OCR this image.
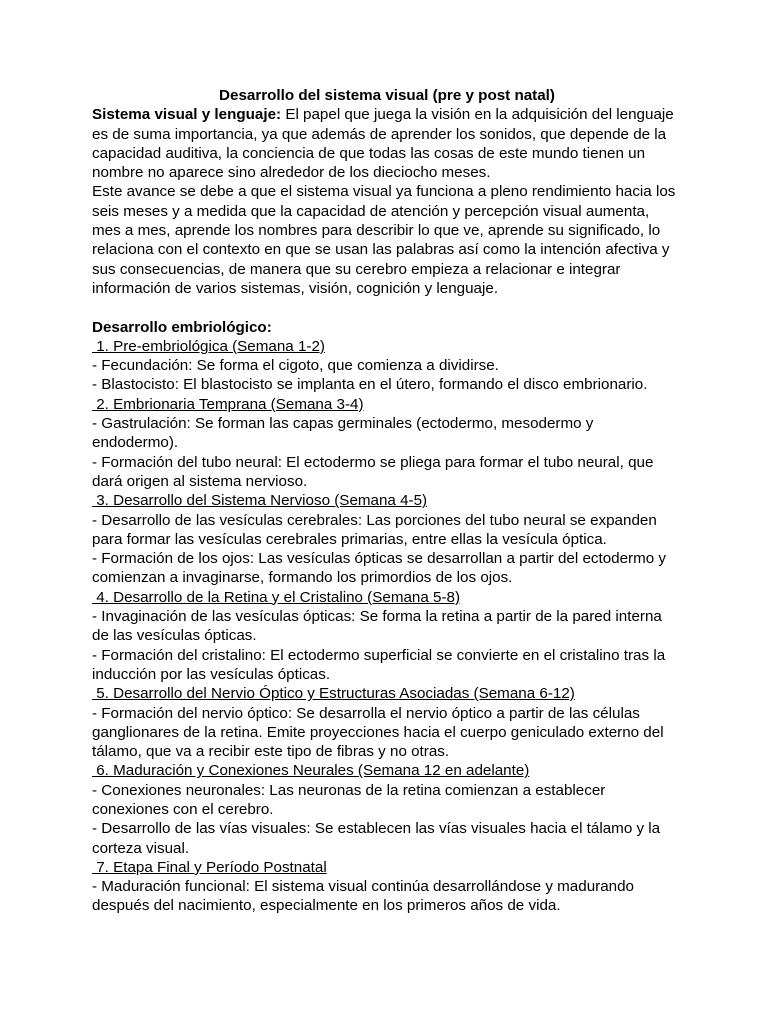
Desarrollo del sistema visual (pre y post natal)

Sistema visual y lenguaje: El papel que juega la visión en la adquisición del lenguaje es de suma importancia, ya que además de aprender los sonidos, que depende de la capacidad auditiva, la conciencia de que todas las cosas de este mundo tienen un nombre no aparece sino alrededor de los dieciocho meses.

Este avance se debe a que el sistema visual ya funciona a pleno rendimiento hacia los seis meses y a medida que la capacidad de atención y percepción visual aumenta, mes a mes, aprende los nombres para describir lo que ve, aprende su significado, lo relaciona con el contexto en que se usan las palabras así como la intención afectiva y sus consecuencias, de manera que su cerebro empieza a relacionar e integrar información de varios sistemas, visión, cognición y lenguaje.

Desarrollo embriológico:

1. Pre-embriológica (Semana 1-2)

- Fecundación: Se forma el cigoto, que comienza a dividirse.

- Blastocisto: El blastocisto se implanta en el útero, formando el disco embrionario.

2. Embrionaria Temprana (Semana 3-4)

- Gastrulación: Se forman las capas germinales (ectodermo, mesodermo y endodermo).

- Formación del tubo neural: El ectodermo se pliega para formar el tubo neural, que dará origen al sistema nervioso.

3. Desarrollo del Sistema Nervioso (Semana 4-5)

- Desarrollo de las vesículas cerebrales: Las porciones del tubo neural se expanden para formar las vesículas cerebrales primarias, entre ellas la vesícula óptica.

- Formación de los ojos: Las vesículas ópticas se desarrollan a partir del ectodermo y comienzan a invaginarse, formando los primordios de los ojos.

4. Desarrollo de la Retina y el Cristalino (Semana 5-8)

- Invaginación de las vesículas ópticas: Se forma la retina a partir de la pared interna de las vesículas ópticas.

- Formación del cristalino: El ectodermo superficial se convierte en el cristalino tras la inducción por las vesículas ópticas.

5. Desarrollo del Nervio Óptico y Estructuras Asociadas (Semana 6-12)

- Formación del nervio óptico: Se desarrolla el nervio óptico a partir de las células ganglionares de la retina. Emite proyecciones hacia el cuerpo geniculado externo del tálamo, que va a recibir este tipo de fibras y no otras.

6. Maduración y Conexiones Neurales (Semana 12 en adelante)

- Conexiones neuronales: Las neuronas de la retina comienzan a establecer conexiones con el cerebro.

- Desarrollo de las vías visuales: Se establecen las vías visuales hacia el tálamo y la corteza visual.

7. Etapa Final y Período Postnatal

- Maduración funcional: El sistema visual continúa desarrollándose y madurando después del nacimiento, especialmente en los primeros años de vida.
